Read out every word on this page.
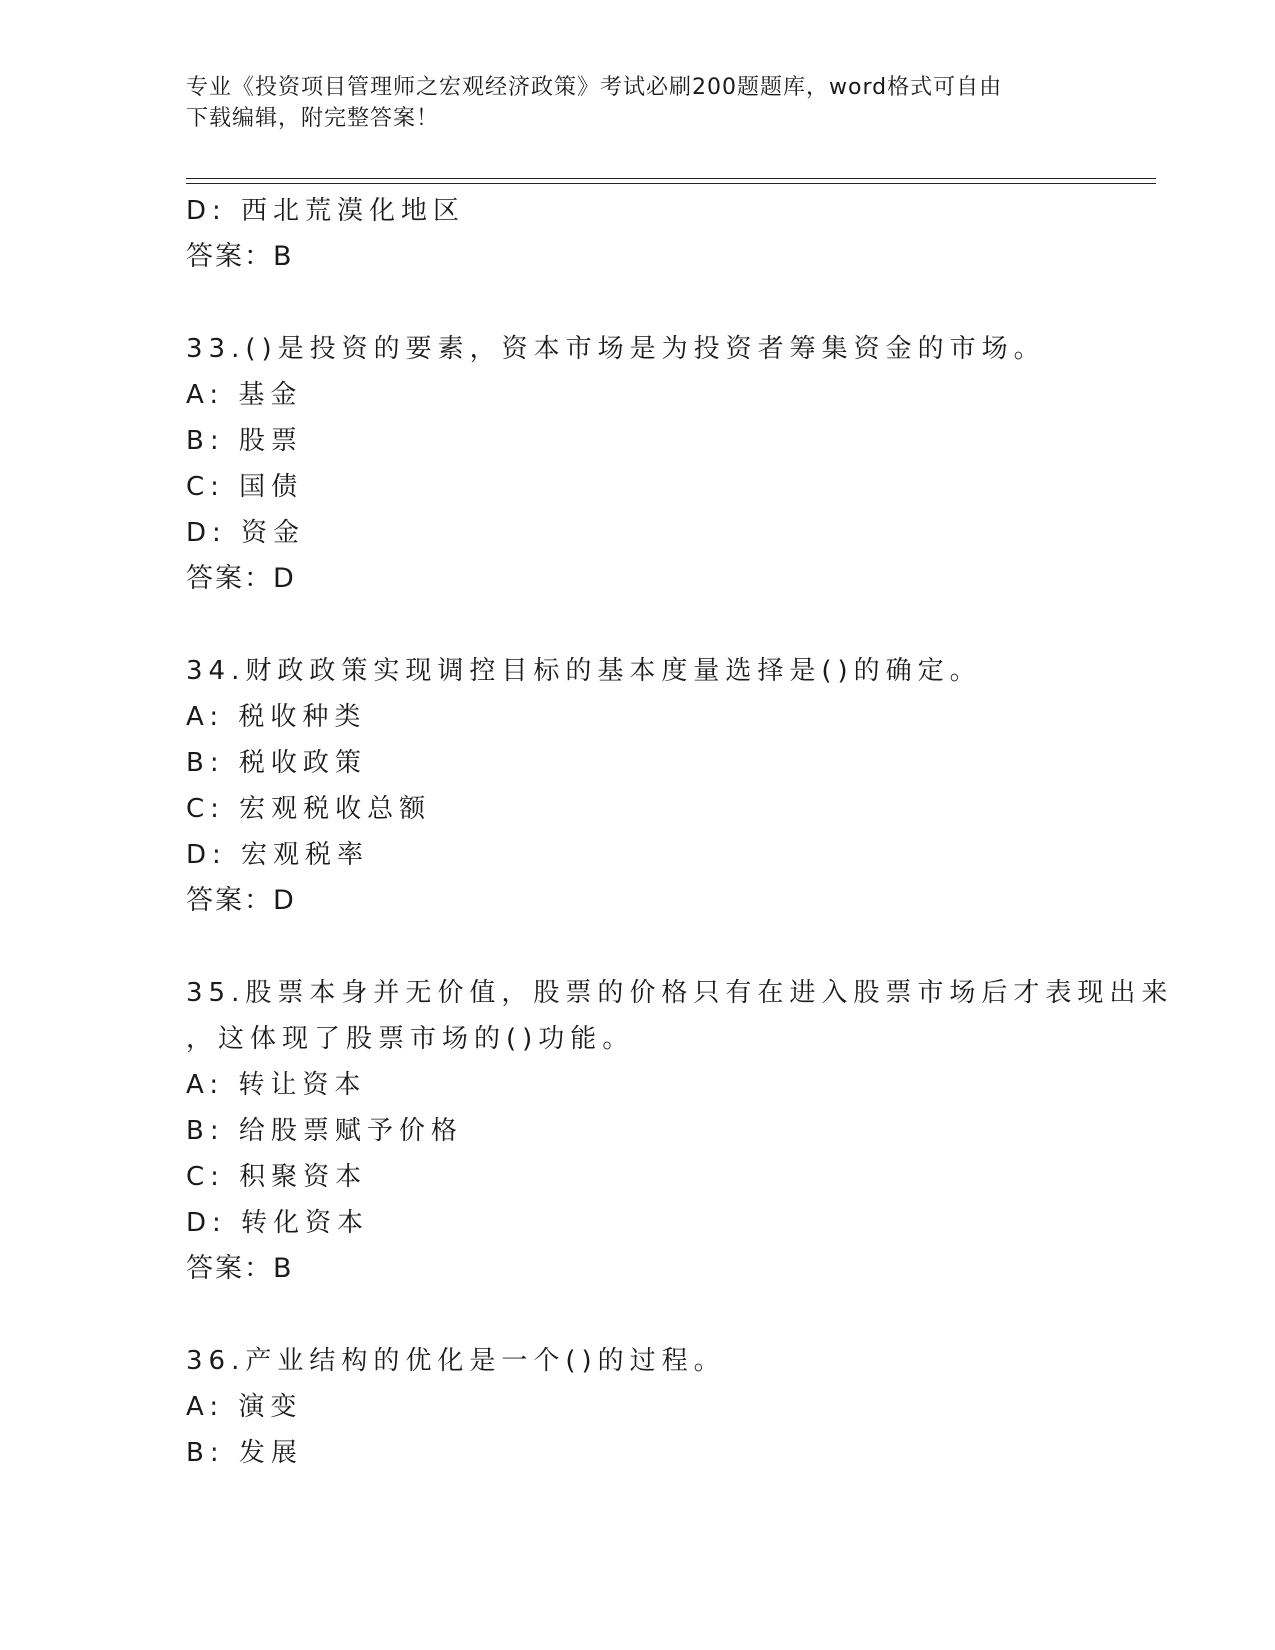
专业《投资项目管理师之宏观经济政策》考试必刷200题题库，word格式可自由
下载编辑，附完整答案！
D: 西北荒漠化地区
答案：B
33.()是投资的要素，资本市场是为投资者筹集资金的市场。
A: 基金
B: 股票
C: 国债
D: 资金
答案：D
34.财政政策实现调控目标的基本度量选择是()的确定。
A: 税收种类
B: 税收政策
C: 宏观税收总额
D: 宏观税率
答案：D
35.股票本身并无价值，股票的价格只有在进入股票市场后才表现出来
，这体现了股票市场的()功能。
A: 转让资本
B: 给股票赋予价格
C: 积聚资本
D: 转化资本
答案：B
36.产业结构的优化是一个()的过程。
A: 演变
B: 发展
